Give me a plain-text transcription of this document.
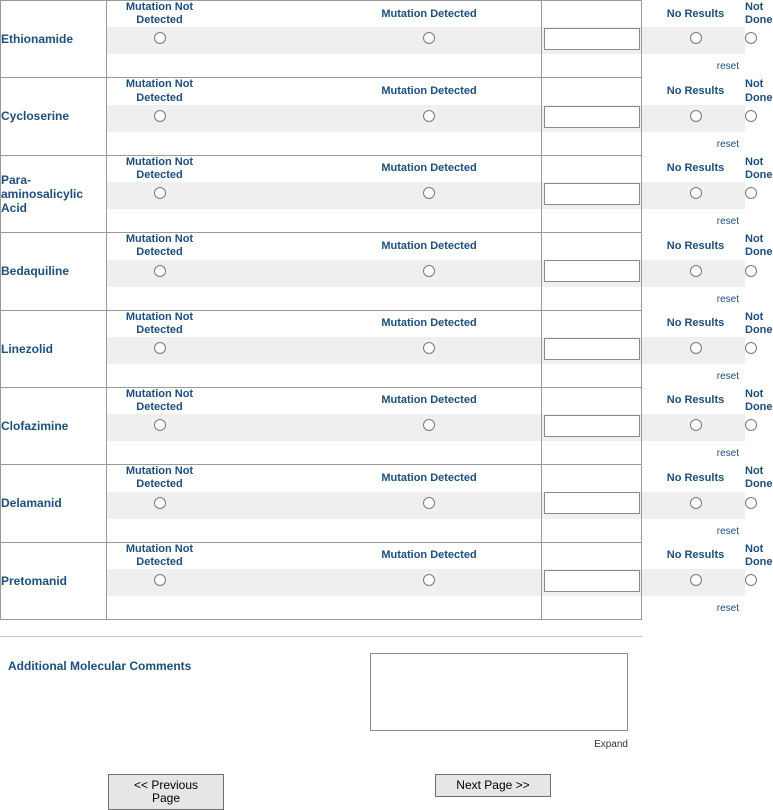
Ethionamide	
Mutation Not Detected	Mutation Detected	No Results	Not Done

reset

Cycloserine	
Mutation Not Detected	Mutation Detected	No Results	Not Done

reset

Para-aminosalicylic Acid	
Mutation Not Detected	Mutation Detected	No Results	Not Done

reset

Bedaquiline	
Mutation Not Detected	Mutation Detected	No Results	Not Done

reset

Linezolid	
Mutation Not Detected	Mutation Detected	No Results	Not Done

reset

Clofazimine	
Mutation Not Detected	Mutation Detected	No Results	Not Done

reset

Delamanid	
Mutation Not Detected	Mutation Detected	No Results	Not Done

reset

Pretomanid	
Mutation Not Detected	Mutation Detected	No Results	Not Done

reset

Additional Molecular Comments
Expand
<< Previous Page
Next Page >>
